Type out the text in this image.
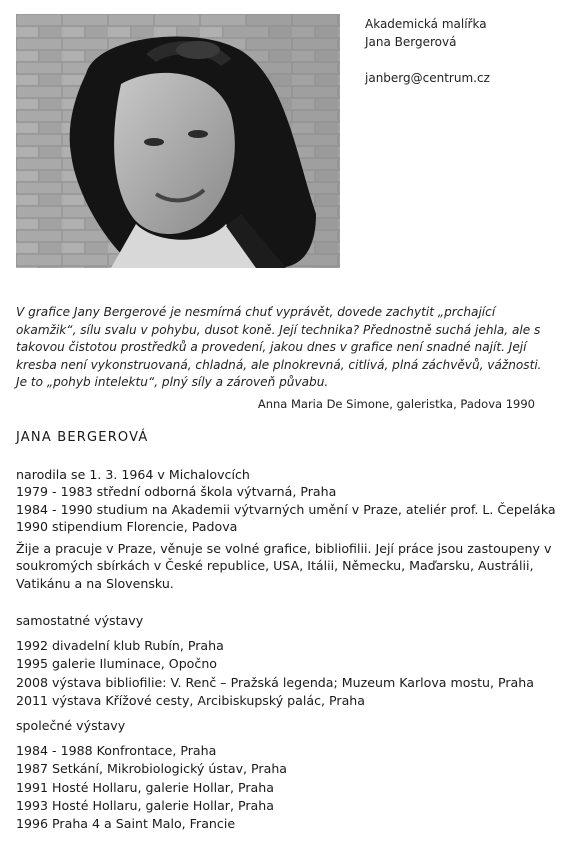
Akademická malířka
Jana Bergerová
janberg@centrum.cz
V grafice Jany Bergerové je nesmírná chuť vyprávět, dovede zachytit „prchající okamžik“, sílu svalu v pohybu, dusot koně. Její technika? Přednostně suchá jehla, ale s takovou čistotou prostředků a provedení, jakou dnes v grafice není snadné najít. Její kresba není vykonstruovaná, chladná, ale plnokrevná, citlivá, plná záchvěvů, vážnosti. Je to „pohyb intelektu“, plný síly a zároveň půvabu.
Anna Maria De Simone, galeristka, Padova 1990
JANA BERGEROVÁ
narodila se 1. 3. 1964 v Michalovcích
1979 - 1983 střední odborná škola výtvarná, Praha
1984 - 1990 studium na Akademii výtvarných umění v Praze, ateliér prof. L. Čepeláka
1990 stipendium Florencie, Padova
Žije a pracuje v Praze, věnuje se volné grafice, bibliofilii. Její práce jsou zastoupeny v soukromých sbírkách v České republice, USA, Itálii, Německu, Maďarsku, Austrálii, Vatikánu a na Slovensku.
samostatné výstavy
1992 divadelní klub Rubín, Praha
1995 galerie Iluminace, Opočno
2008 výstava bibliofilie: V. Renč – Pražská legenda; Muzeum Karlova mostu, Praha
2011 výstava Křížové cesty, Arcibiskupský palác, Praha
společné výstavy
1984 - 1988 Konfrontace, Praha
1987 Setkání, Mikrobiologický ústav, Praha
1991 Hosté Hollaru, galerie Hollar, Praha
1993 Hosté Hollaru, galerie Hollar, Praha
1996 Praha 4 a Saint Malo, Francie
